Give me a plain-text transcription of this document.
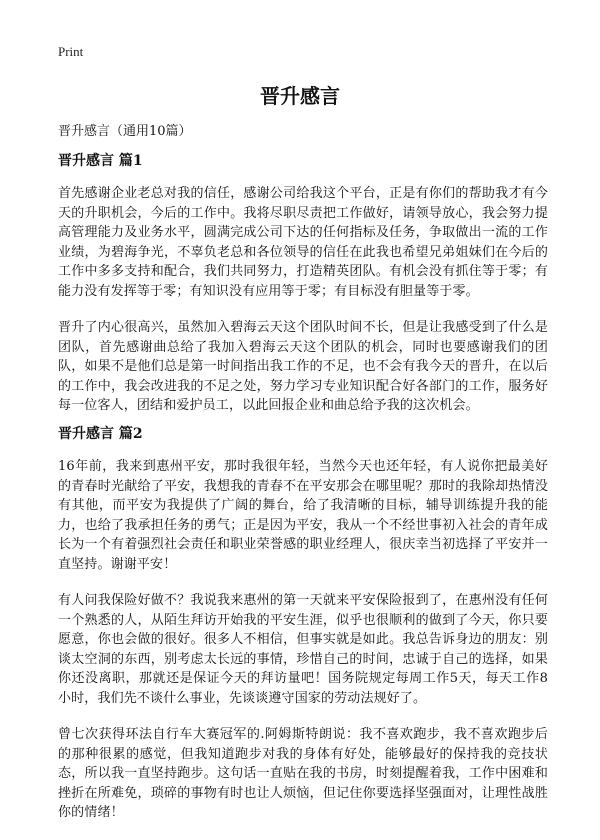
Print
晋升感言
晋升感言（通用10篇）
晋升感言 篇1

首先感谢企业老总对我的信任，感谢公司给我这个平台，正是有你们的帮助我才有今天的升职机会，今后的工作中。我将尽职尽责把工作做好，请领导放心，我会努力提高管理能力及业务水平，圆满完成公司下达的任何指标及任务，争取做出一流的工作业绩，为碧海争光，不辜负老总和各位领导的信任在此我也希望兄弟姐妹们在今后的工作中多多支持和配合，我们共同努力，打造精英团队。有机会没有抓住等于零；有能力没有发挥等于零；有知识没有应用等于零；有目标没有胆量等于零。

晋升了内心很高兴，虽然加入碧海云天这个团队时间不长，但是让我感受到了什么是团队，首先感谢曲总给了我加入碧海云天这个团队的机会，同时也要感谢我们的团队，如果不是他们总是第一时间指出我工作的不足，也不会有我今天的晋升，在以后的工作中，我会改进我的不足之处，努力学习专业知识配合好各部门的工作，服务好每一位客人，团结和爱护员工，以此回报企业和曲总给予我的这次机会。

晋升感言 篇2

16年前，我来到惠州平安，那时我很年轻，当然今天也还年轻，有人说你把最美好的青春时光献给了平安，我想我的青春不在平安那会在哪里呢？那时的我除却热情没有其他，而平安为我提供了广阔的舞台，给了我清晰的目标，辅导训练提升我的能力，也给了我承担任务的勇气；正是因为平安，我从一个不经世事初入社会的青年成长为一个有着强烈社会责任和职业荣誉感的职业经理人，很庆幸当初选择了平安并一直坚持。谢谢平安！

有人问我保险好做不？我说我来惠州的第一天就来平安保险报到了，在惠州没有任何一个熟悉的人，从陌生拜访开始我的平安生涯，似乎也很顺利的做到了今天，你只要愿意，你也会做的很好。很多人不相信，但事实就是如此。我总告诉身边的朋友：别谈太空洞的东西，别考虑太长远的事情，珍惜自己的时间，忠诚于自己的选择，如果你还没离职，那就还是保证今天的拜访量吧！国务院规定每周工作5天，每天工作8小时，我们先不谈什么事业，先谈谈遵守国家的劳动法规好了。

曾七次获得环法自行车大赛冠军的.阿姆斯特朗说：我不喜欢跑步，我不喜欢跑步后的那种很累的感觉，但我知道跑步对我的身体有好处，能够最好的保持我的竞技状态，所以我一直坚持跑步。这句话一直贴在我的书房，时刻提醒着我，工作中困难和挫折在所难免，琐碎的事物有时也让人烦恼，但记住你要选择坚强面对，让理性战胜你的情绪！
